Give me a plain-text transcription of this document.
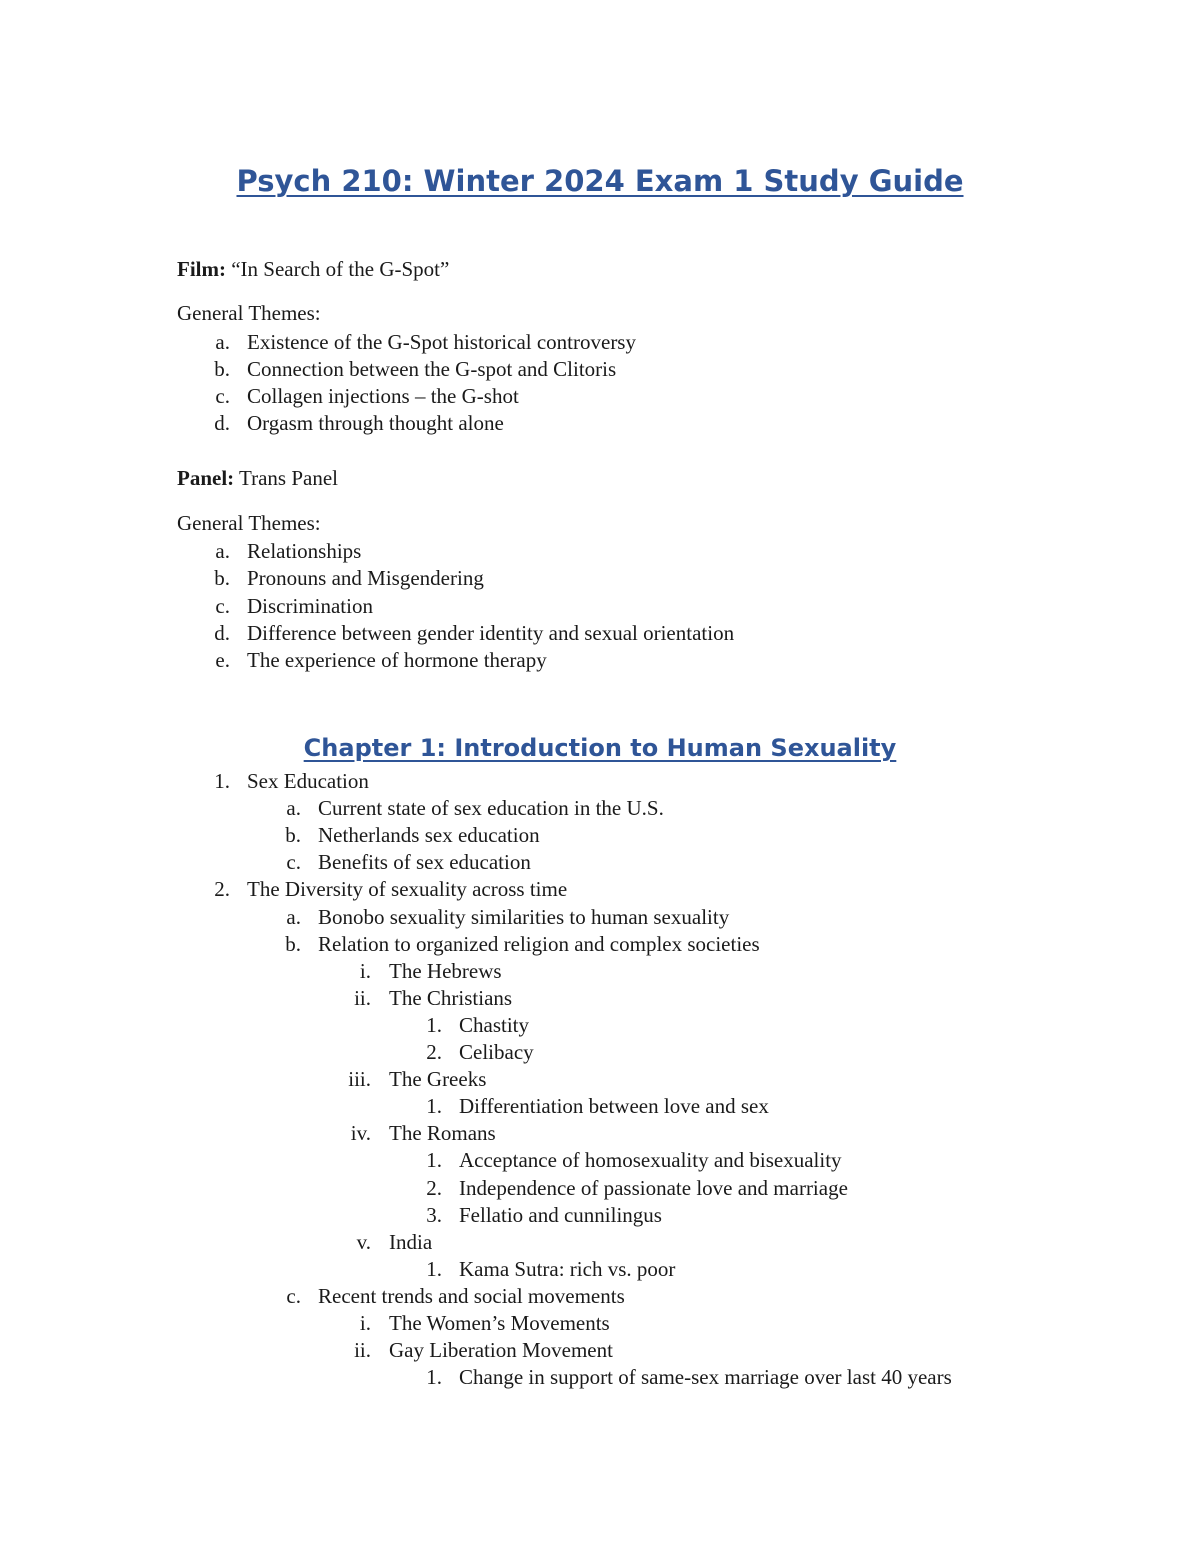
Psych 210: Winter 2024 Exam 1 Study Guide
Film: “In Search of the G-Spot”
General Themes:
a. Existence of the G-Spot historical controversy
b. Connection between the G-spot and Clitoris
c. Collagen injections – the G-shot
d. Orgasm through thought alone
Panel: Trans Panel
General Themes:
a. Relationships
b. Pronouns and Misgendering
c. Discrimination
d. Difference between gender identity and sexual orientation
e. The experience of hormone therapy
Chapter 1: Introduction to Human Sexuality
1. Sex Education
a. Current state of sex education in the U.S.
b. Netherlands sex education
c. Benefits of sex education
2. The Diversity of sexuality across time
a. Bonobo sexuality similarities to human sexuality
b. Relation to organized religion and complex societies
i. The Hebrews
ii. The Christians
1. Chastity
2. Celibacy
iii. The Greeks
1. Differentiation between love and sex
iv. The Romans
1. Acceptance of homosexuality and bisexuality
2. Independence of passionate love and marriage
3. Fellatio and cunnilingus
v. India
1. Kama Sutra: rich vs. poor
c. Recent trends and social movements
i. The Women’s Movements
ii. Gay Liberation Movement
1. Change in support of same-sex marriage over last 40 years
